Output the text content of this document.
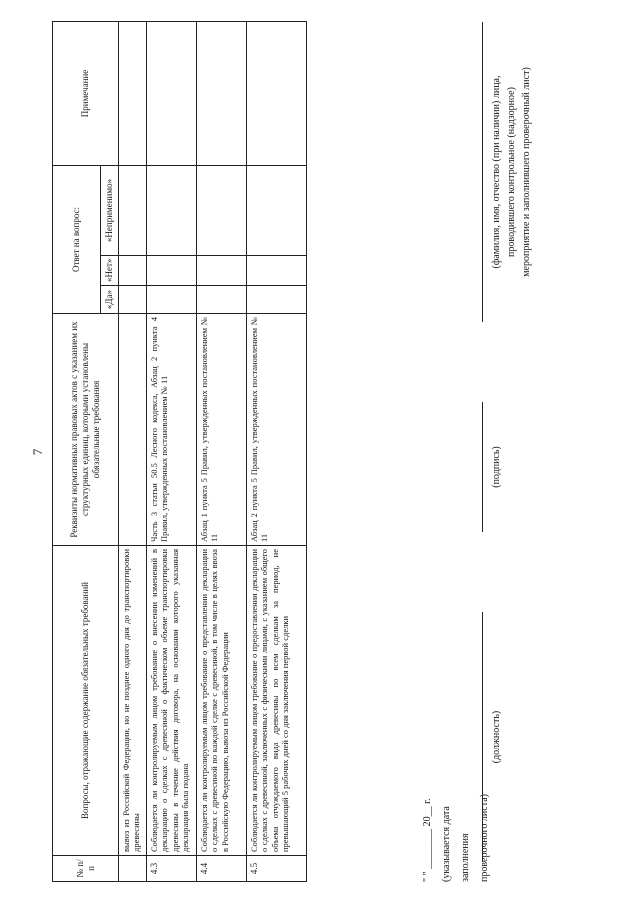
7
№ п/п	Вопросы, отражающие содержание обязательных требований	Реквизиты нормативных правовых актов с указанием их структурных единиц, которыми установлены обязательные требования	Ответ на вопрос:			Примечание
			«Да»	«Нет»	«Неприменимо»	
	вывоз из Российской Федерации, но не позднее одного дня до транспортировки древесины					
4.3	Соблюдается ли контролируемым лицом требование о внесении изменений в декларацию о сделках с древесиной о фактическом объеме транспортировки древесины в течение действия договора, на основании которого указанная декларация была подана	Часть 3 статьи 50.5 Лесного кодекса, Абзац 2 пункта 4 Правил, утвержденных постановлением № 11				
4.4	Соблюдается ли контролируемым лицом требование о представлении декларации о сделках с древесиной по каждой сделке с древесиной, в том числе в целях ввоза в Российскую Федерацию, вывоза из Российской Федерации	Абзац 1 пункта 5 Правил, утвержденных постановлением № 11				
4.5	Соблюдается ли контролируемым лицом требование о предоставлении декларации о сделках с древесиной, заключенных с физическими лицами, с указанием общего объема отчуждаемого вида древесины по всем сделкам за период, не превышающий 5 рабочих дней со дня заключения первой сделки	Абзац 2 пункта 5 Правил, утвержденных постановлением № 11				
" " ________ 20__ г. (указывается дата заполнения проверочного листа)
(должность)
(подпись)
(фамилия, имя, отчество (при наличии) лица, проводившего контрольное (надзорное) мероприятие и заполнившего проверочный лист)
